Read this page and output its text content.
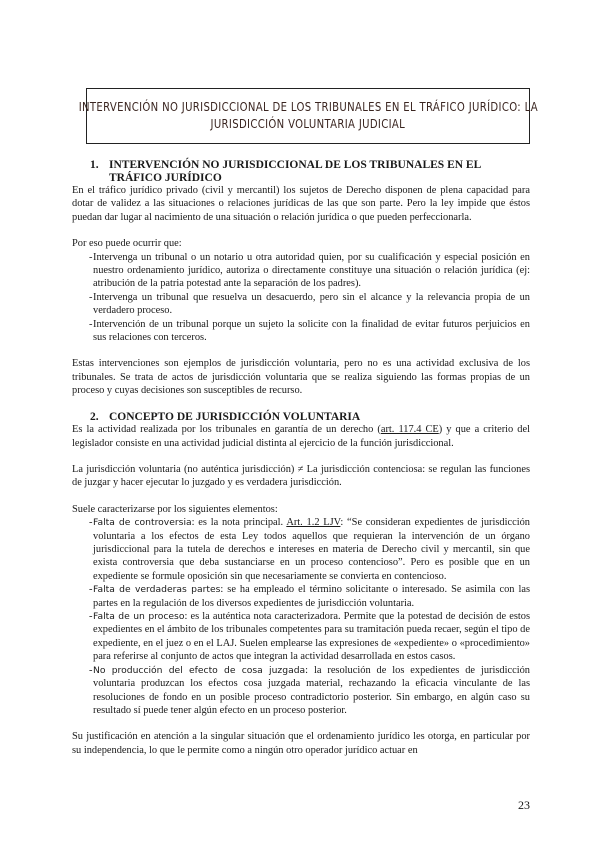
INTERVENCIÓN NO JURISDICCIONAL DE LOS TRIBUNALES EN EL TRÁFICO JURÍDICO: LA
JURISDICCIÓN VOLUNTARIA JUDICIAL
1. INTERVENCIÓN NO JURISDICCIONAL DE LOS TRIBUNALES EN EL TRÁFICO JURÍDICO

En el tráfico jurídico privado (civil y mercantil) los sujetos de Derecho disponen de plena capacidad para dotar de validez a las situaciones o relaciones jurídicas de las que son parte. Pero la ley impide que éstos puedan dar lugar al nacimiento de una situación o relación jurídica o que pueden perfeccionarla.

Por eso puede ocurrir que:

- Intervenga un tribunal o un notario u otra autoridad quien, por su cualificación y especial posición en nuestro ordenamiento jurídico, autoriza o directamente constituye una situación o relación jurídica (ej: atribución de la patria potestad ante la separación de los padres).
- Intervenga un tribunal que resuelva un desacuerdo, pero sin el alcance y la relevancia propia de un verdadero proceso.
- Intervención de un tribunal porque un sujeto la solicite con la finalidad de evitar futuros perjuicios en sus relaciones con terceros.

Estas intervenciones son ejemplos de jurisdicción voluntaria, pero no es una actividad exclusiva de los tribunales. Se trata de actos de jurisdicción voluntaria que se realiza siguiendo las formas propias de un proceso y cuyas decisiones son susceptibles de recurso.

2. CONCEPTO DE JURISDICCIÓN VOLUNTARIA

Es la actividad realizada por los tribunales en garantía de un derecho (art. 117.4 CE) y que a criterio del legislador consiste en una actividad judicial distinta al ejercicio de la función jurisdiccional.

La jurisdicción voluntaria (no auténtica jurisdicción) ≠ La jurisdicción contenciosa: se regulan las funciones de juzgar y hacer ejecutar lo juzgado y es verdadera jurisdicción.

Suele caracterizarse por los siguientes elementos:

- Falta de controversia: es la nota principal. Art. 1.2 LJV: “Se consideran expedientes de jurisdicción voluntaria a los efectos de esta Ley todos aquellos que requieran la intervención de un órgano jurisdiccional para la tutela de derechos e intereses en materia de Derecho civil y mercantil, sin que exista controversia que deba sustanciarse en un proceso contencioso”. Pero es posible que en un expediente se formule oposición sin que necesariamente se convierta en contencioso.
- Falta de verdaderas partes: se ha empleado el término solicitante o interesado. Se asimila con las partes en la regulación de los diversos expedientes de jurisdicción voluntaria.
- Falta de un proceso: es la auténtica nota caracterizadora. Permite que la potestad de decisión de estos expedientes en el ámbito de los tribunales competentes para su tramitación pueda recaer, según el tipo de expediente, en el juez o en el LAJ. Suelen emplearse las expresiones de «expediente» o «procedimiento» para referirse al conjunto de actos que integran la actividad desarrollada en estos casos.
- No producción del efecto de cosa juzgada: la resolución de los expedientes de jurisdicción voluntaria produzcan los efectos cosa juzgada material, rechazando la eficacia vinculante de las resoluciones de fondo en un posible proceso contradictorio posterior. Sin embargo, en algún caso su resultado sí puede tener algún efecto en un proceso posterior.

Su justificación en atención a la singular situación que el ordenamiento jurídico les otorga, en particular por su independencia, lo que le permite como a ningún otro operador jurídico actuar en

23
